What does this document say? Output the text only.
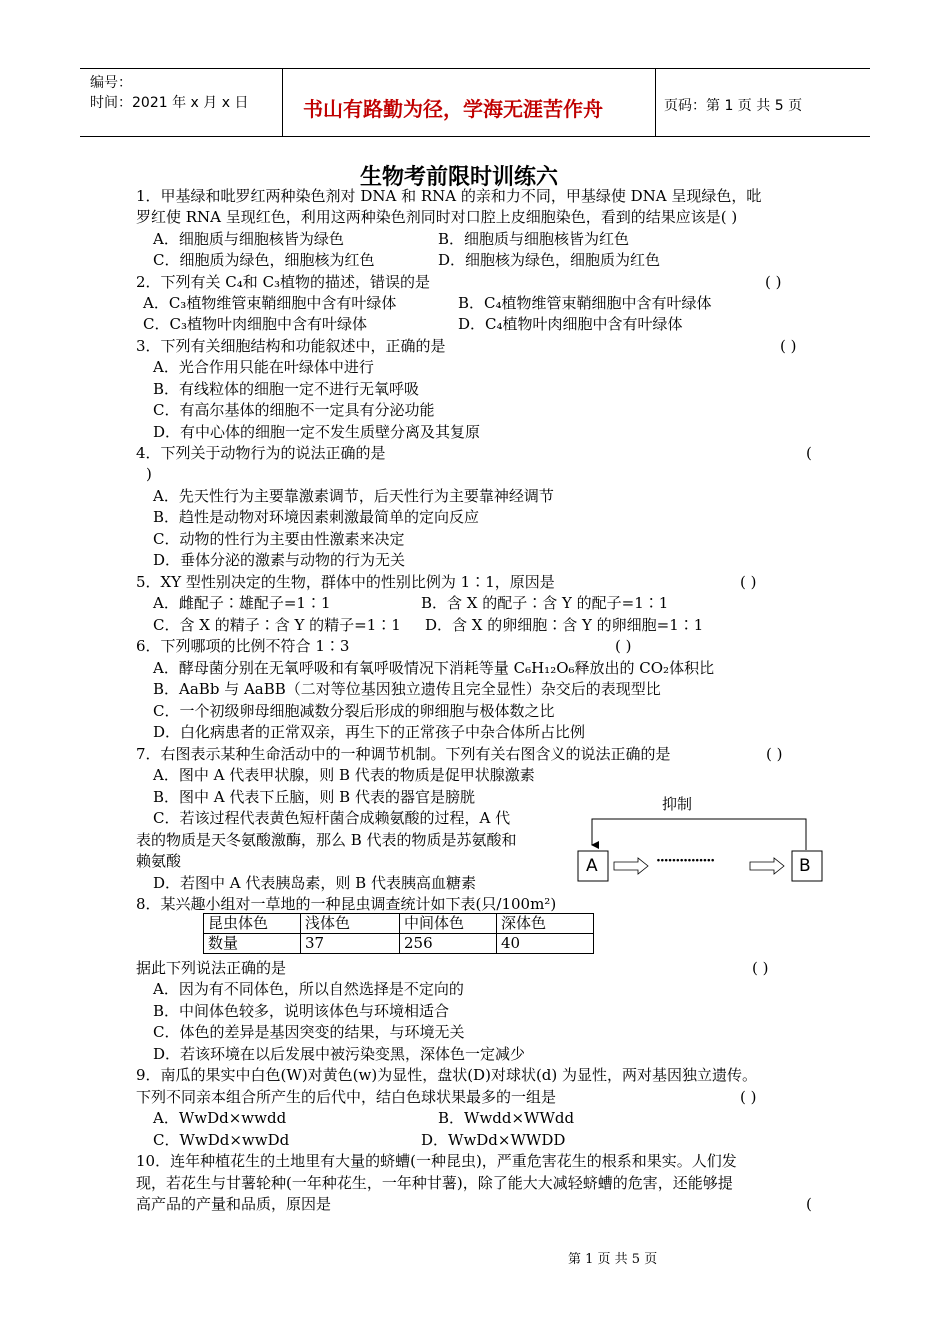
编号：
时间：2021 年 x 月 x 日	书山有路勤为径，学海无涯苦作舟	页码：第 1 页 共 5 页
生物考前限时训练六
1．甲基绿和吡罗红两种染色剂对 DNA 和 RNA 的亲和力不同，甲基绿使 DNA 呈现绿色，吡
罗红使 RNA 呈现红色，利用这两种染色剂同时对口腔上皮细胞染色，看到的结果应该是( )
A．细胞质与细胞核皆为绿色	B．细胞质与细胞核皆为红色
C．细胞质为绿色，细胞核为红色	D．细胞核为绿色，细胞质为红色
2．下列有关 C₄和 C₃植物的描述，错误的是	( )
A．C₃植物维管束鞘细胞中含有叶绿体	B．C₄植物维管束鞘细胞中含有叶绿体
C．C₃植物叶肉细胞中含有叶绿体	D．C₄植物叶肉细胞中含有叶绿体
3．下列有关细胞结构和功能叙述中，正确的是	( )
A．光合作用只能在叶绿体中进行
B．有线粒体的细胞一定不进行无氧呼吸
C．有高尔基体的细胞不一定具有分泌功能
D．有中心体的细胞一定不发生质壁分离及其复原
4．下列关于动物行为的说法正确的是	(
)
A．先天性行为主要靠激素调节，后天性行为主要靠神经调节
B．趋性是动物对环境因素刺激最简单的定向反应
C．动物的性行为主要由性激素来决定
D．垂体分泌的激素与动物的行为无关
5．XY 型性别决定的生物，群体中的性别比例为 1∶1，原因是	( )
A．雌配子∶雄配子=1∶1	B．含 X 的配子∶含 Y 的配子=1∶1
C．含 X 的精子∶含 Y 的精子=1∶1 D．含 X 的卵细胞∶含 Y 的卵细胞=1∶1
6．下列哪项的比例不符合 1∶3	( )
A．酵母菌分别在无氧呼吸和有氧呼吸情况下消耗等量 C₆H₁₂O₆释放出的 CO₂体积比
B．AaBb 与 AaBB（二对等位基因独立遗传且完全显性）杂交后的表现型比
C．一个初级卵母细胞减数分裂后形成的卵细胞与极体数之比
D．白化病患者的正常双亲，再生下的正常孩子中杂合体所占比例
7．右图表示某种生命活动中的一种调节机制。下列有关右图含义的说法正确的是	( )
A．图中 A 代表甲状腺，则 B 代表的物质是促甲状腺激素
B．图中 A 代表下丘脑，则 B 代表的器官是膀胱
C．若该过程代表黄色短杆菌合成赖氨酸的过程，A 代
表的物质是天冬氨酸激酶，那么 B 代表的物质是苏氨酸和
赖氨酸
D．若图中 A 代表胰岛素，则 B 代表胰高血糖素
抑制
A	B
···············
8．某兴趣小组对一草地的一种昆虫调查统计如下表(只/100m²)
昆虫体色	浅体色	中间体色	深体色
数量	37	256	40
据此下列说法正确的是	( )
A．因为有不同体色，所以自然选择是不定向的
B．中间体色较多，说明该体色与环境相适合
C．体色的差异是基因突变的结果，与环境无关
D．若该环境在以后发展中被污染变黑，深体色一定减少
9．南瓜的果实中白色(W)对黄色(w)为显性，盘状(D)对球状(d) 为显性，两对基因独立遗传。
下列不同亲本组合所产生的后代中，结白色球状果最多的一组是	( )
A．WwDd×wwdd	B．Wwdd×WWdd
C．WwDd×wwDd	D．WwDd×WWDD
10．连年种植花生的土地里有大量的蛴螬(一种昆虫)，严重危害花生的根系和果实。人们发
现，若花生与甘薯轮种(一年种花生，一年种甘薯)，除了能大大减轻蛴螬的危害，还能够提
高产品的产量和品质，原因是	(
第 1 页 共 5 页
